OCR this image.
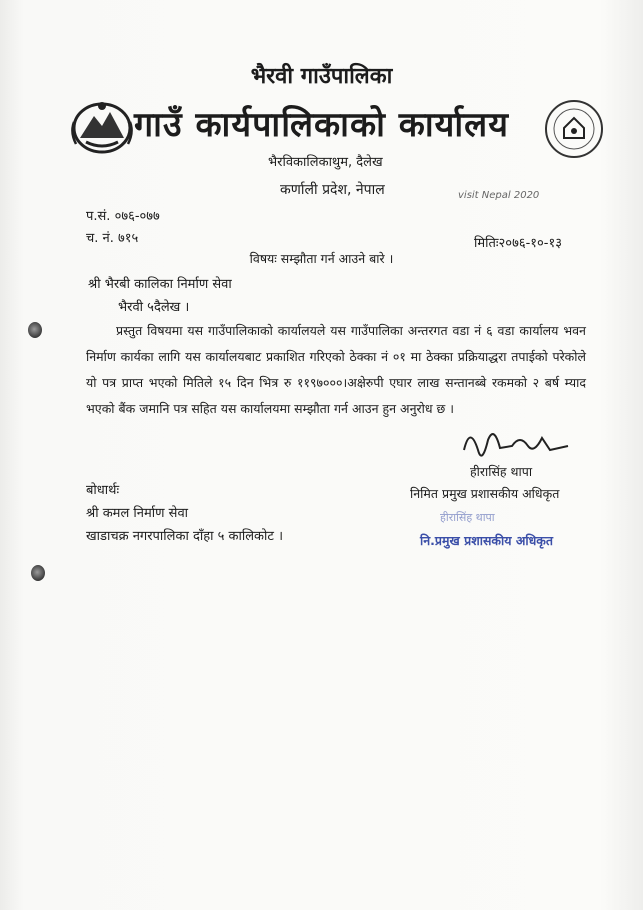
भैरवी गाउँपालिका
गाउँ कार्यपालिकाको कार्यालय
भैरविकालिकाथुम, दैलेख
कर्णाली प्रदेश, नेपाल	visit Nepal 2020
प.सं. ०७६-०७७
च. नं. ७१५	मितिः२०७६-१०-१३
विषयः सम्झौता गर्न आउने बारे ।
श्री भैरबी कालिका निर्माण सेवा
भैरवी ५दैलेख ।
प्रस्तुत विषयमा यस गाउँपालिकाको कार्यालयले यस गाउँपालिका अन्तरगत वडा नं ६ वडा कार्यालय भवन निर्माण कार्यका लागि यस कार्यालयबाट प्रकाशित गरिएको ठेक्का नं ०१ मा ठेक्का प्रक्रियाद्धरा तपाईको परेकोले यो पत्र प्राप्त भएको मितिले १५ दिन भित्र रु ११९७०००।अक्षेरुपी एघार लाख सन्तानब्बे रकमको २ बर्ष म्याद भएको बैंक जमानि पत्र सहित यस कार्यालयमा सम्झौता गर्न आउन हुन अनुरोध छ ।
हीरासिंह थापा
निमित प्रमुख प्रशासकीय अधिकृत
हीरासिंह थापा
नि.प्रमुख प्रशासकीय अधिकृत
बोधार्थः
श्री कमल निर्माण सेवा
खाडाचक्र नगरपालिका दाँहा ५ कालिकोट ।
